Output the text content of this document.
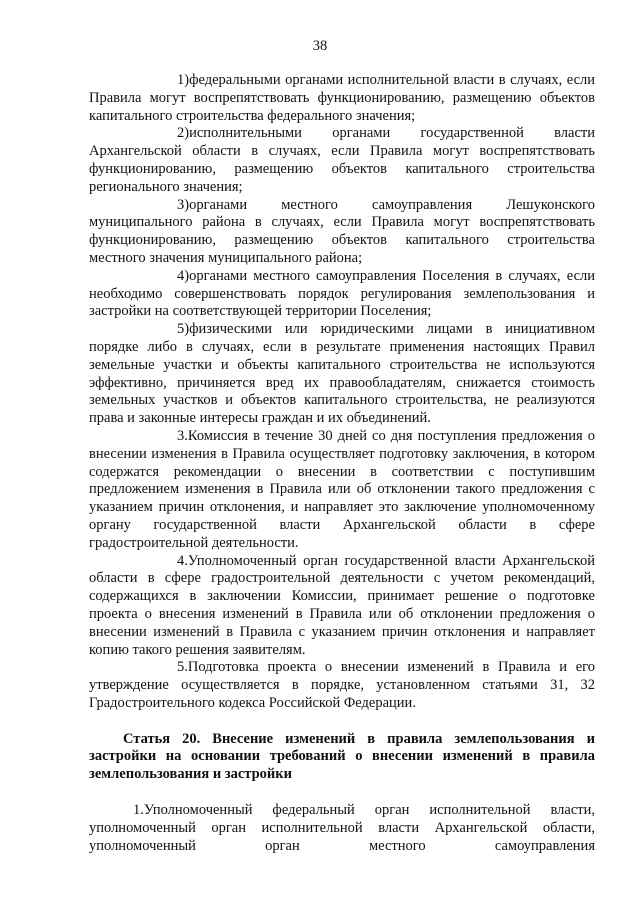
38

1)федеральными органами исполнительной власти в случаях, если Правила могут воспрепятствовать функционированию, размещению объектов капитального строительства федерального значения;

2)исполнительными органами государственной власти Архангельской области в случаях, если Правила могут воспрепятствовать функционированию, размещению объектов капитального строительства регионального значения;

3)органами местного самоуправления Лешуконского муниципального района в случаях, если Правила могут воспрепятствовать функционированию, размещению объектов капитального строительства местного значения муниципального района;

4)органами местного самоуправления Поселения в случаях, если необходимо совершенствовать порядок регулирования землепользования и застройки на соответствующей территории Поселения;

5)физическими или юридическими лицами в инициативном порядке либо в случаях, если в результате применения настоящих Правил земельные участки и объекты капитального строительства не используются эффективно, причиняется вред их правообладателям, снижается стоимость земельных участков и объектов капитального строительства, не реализуются права и законные интересы граждан и их объединений.

3.Комиссия в течение 30 дней со дня поступления предложения о внесении изменения в Правила осуществляет подготовку заключения, в котором содержатся рекомендации о внесении в соответствии с поступившим предложением изменения в Правила или об отклонении такого предложения с указанием причин отклонения, и направляет это заключение уполномоченному органу государственной власти Архангельской области в сфере градостроительной деятельности.

4.Уполномоченный орган государственной власти Архангельской области в сфере градостроительной деятельности с учетом рекомендаций, содержащихся в заключении Комиссии, принимает решение о подготовке проекта о внесения изменений в Правила или об отклонении предложения о внесении изменений в Правила с указанием причин отклонения и направляет копию такого решения заявителям.

5.Подготовка проекта о внесении изменений в Правила и его утверждение осуществляется в порядке, установленном статьями 31, 32 Градостроительного кодекса Российской Федерации.

Статья 20. Внесение изменений в правила землепользования и застройки на основании требований о внесении изменений в правила землепользования и застройки

1.Уполномоченный федеральный орган исполнительной власти, уполномоченный орган исполнительной власти Архангельской области, уполномоченный орган местного самоуправления
